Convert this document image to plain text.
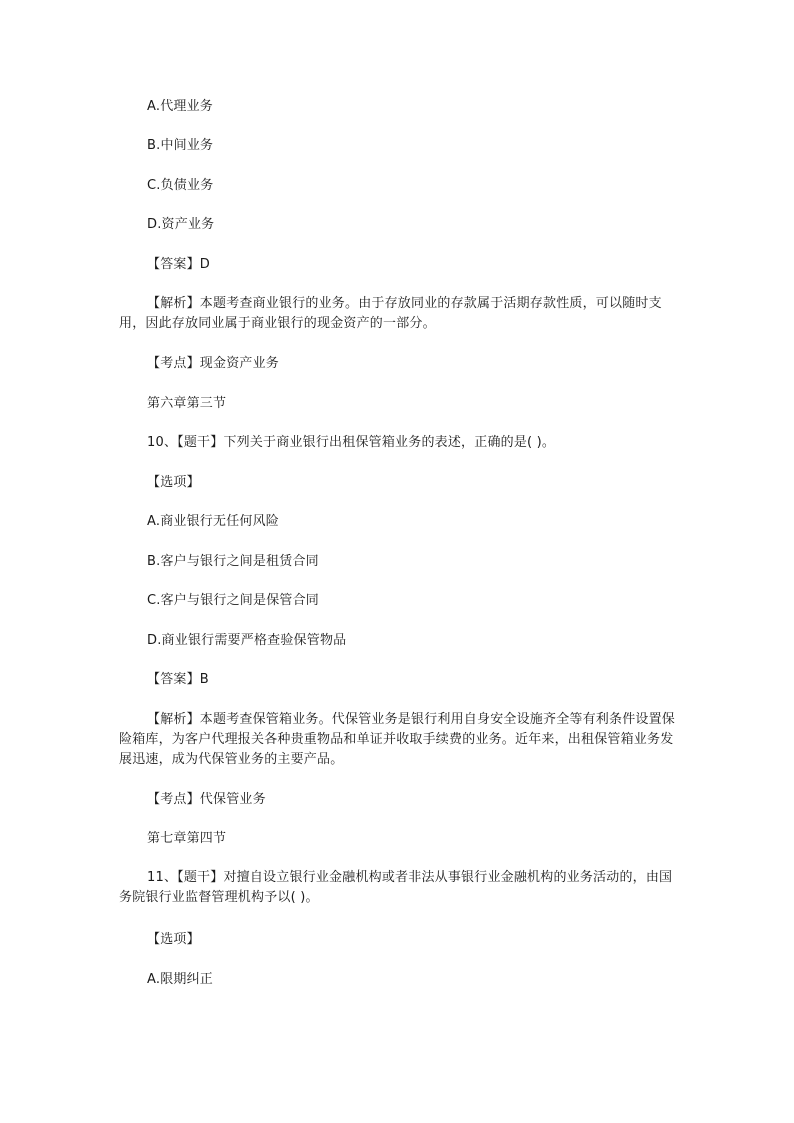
A.代理业务
B.中间业务
C.负债业务
D.资产业务
【答案】D
【解析】本题考查商业银行的业务。由于存放同业的存款属于活期存款性质，可以随时支用，因此存放同业属于商业银行的现金资产的一部分。
【考点】现金资产业务
第六章第三节
10、【题干】下列关于商业银行出租保管箱业务的表述，正确的是( )。
【选项】
A.商业银行无任何风险
B.客户与银行之间是租赁合同
C.客户与银行之间是保管合同
D.商业银行需要严格查验保管物品
【答案】B
【解析】本题考查保管箱业务。代保管业务是银行利用自身安全设施齐全等有利条件设置保险箱库，为客户代理报关各种贵重物品和单证并收取手续费的业务。近年来，出租保管箱业务发展迅速，成为代保管业务的主要产品。
【考点】代保管业务
第七章第四节
11、【题干】对擅自设立银行业金融机构或者非法从事银行业金融机构的业务活动的，由国务院银行业监督管理机构予以( )。
【选项】
A.限期纠正
